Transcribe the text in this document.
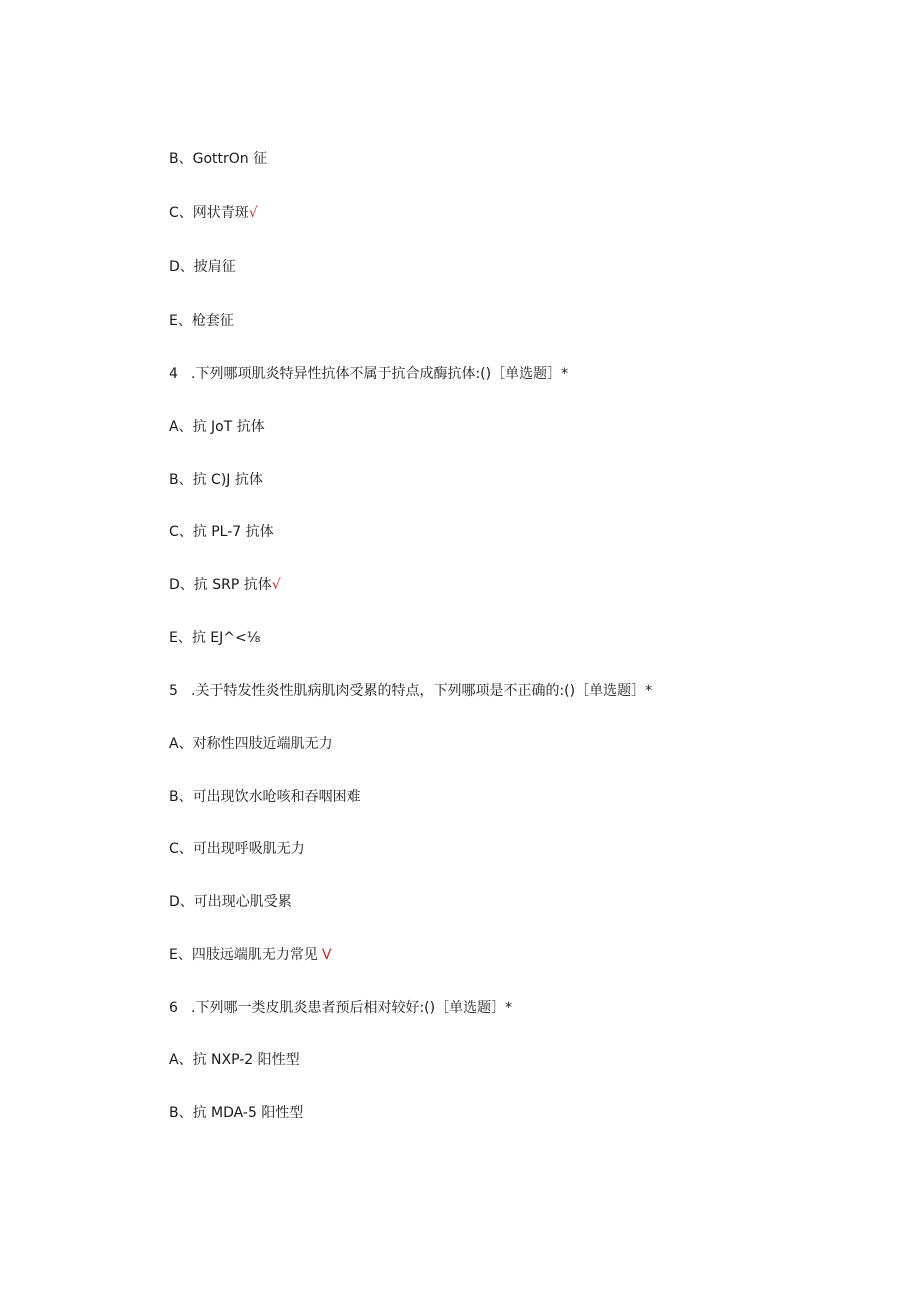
B、GottrOn 征
C、网状青斑√
D、披肩征
E、枪套征
4 .下列哪项肌炎特异性抗体不属于抗合成酶抗体:()［单选题］*
A、抗 JoT 抗体
B、抗 C)J 抗体
C、抗 PL-7 抗体
D、抗 SRP 抗体√
E、抗 EJ^<⅛
5 .关于特发性炎性肌病肌肉受累的特点，下列哪项是不正确的:()［单选题］*
A、对称性四肢近端肌无力
B、可出现饮水呛咳和吞咽困难
C、可出现呼吸肌无力
D、可出现心肌受累
E、四肢远端肌无力常见 V
6 .下列哪一类皮肌炎患者预后相对较好:()［单选题］*
A、抗 NXP-2 阳性型
B、抗 MDA-5 阳性型
